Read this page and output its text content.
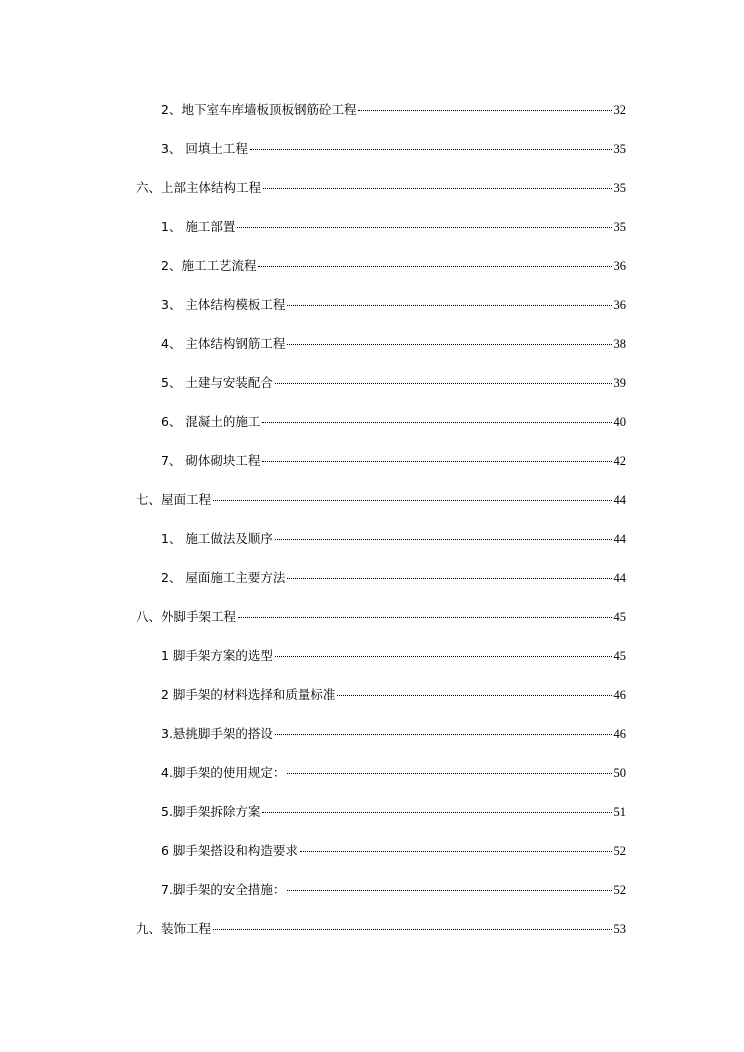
2、地下室车库墙板顶板钢筋砼工程	32
3、 回填土工程	35
六、上部主体结构工程	35
1、 施工部置	35
2、施工工艺流程	36
3、 主体结构模板工程	36
4、 主体结构钢筋工程	38
5、 土建与安装配合	39
6、 混凝土的施工	40
7、 砌体砌块工程	42
七、屋面工程	44
1、 施工做法及顺序	44
2、 屋面施工主要方法	44
八、外脚手架工程	45
1 脚手架方案的选型	45
2 脚手架的材料选择和质量标准	46
3.悬挑脚手架的搭设	46
4.脚手架的使用规定：	50
5.脚手架拆除方案	51
6 脚手架搭设和构造要求	52
7.脚手架的安全措施：	52
九、装饰工程	53
